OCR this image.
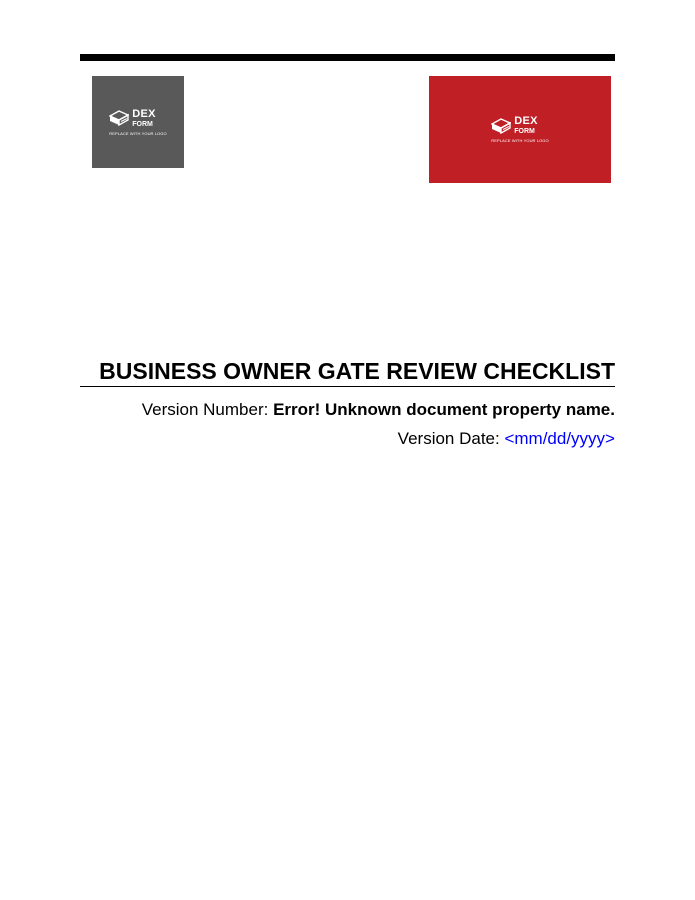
DEX
FORM
REPLACE WITH YOUR LOGO
DEX
FORM
REPLACE WITH YOUR LOGO
BUSINESS OWNER GATE REVIEW CHECKLIST
Version Number: Error! Unknown document property name.
Version Date: <mm/dd/yyyy>
